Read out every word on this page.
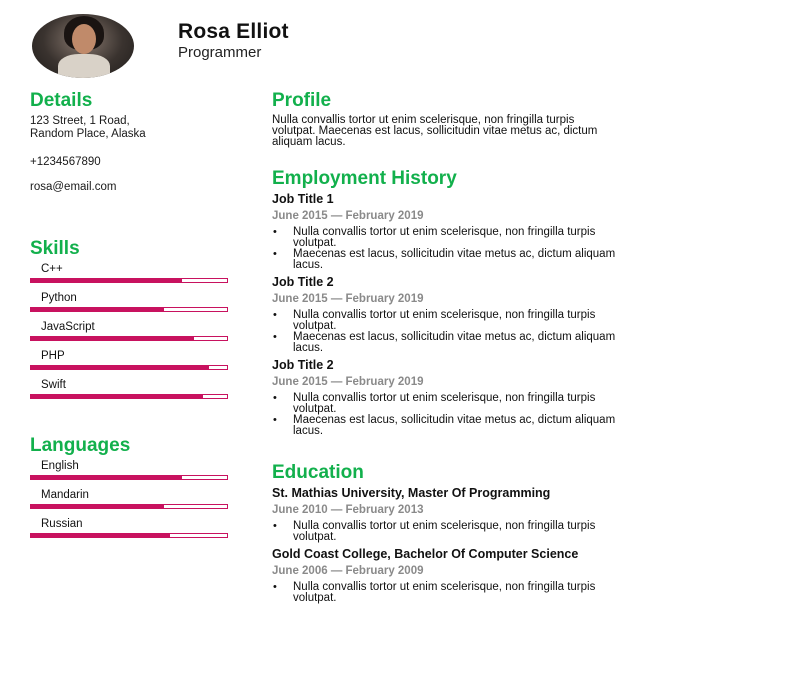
Rosa Elliot
Programmer
Details
123 Street, 1 Road,
Random Place, Alaska
+1234567890
rosa@email.com
Skills
C++
Python
JavaScript
PHP
Swift
Languages
English
Mandarin
Russian
Profile
Nulla convallis tortor ut enim scelerisque, non fringilla turpis
volutpat. Maecenas est lacus, sollicitudin vitae metus ac, dictum
aliquam lacus.
Employment History
Job Title 1
June 2015 — February 2019
• Nulla convallis tortor ut enim scelerisque, non fringilla turpis
volutpat.
• Maecenas est lacus, sollicitudin vitae metus ac, dictum aliquam
lacus.
Job Title 2
June 2015 — February 2019
• Nulla convallis tortor ut enim scelerisque, non fringilla turpis
volutpat.
• Maecenas est lacus, sollicitudin vitae metus ac, dictum aliquam
lacus.
Job Title 2
June 2015 — February 2019
• Nulla convallis tortor ut enim scelerisque, non fringilla turpis
volutpat.
• Maecenas est lacus, sollicitudin vitae metus ac, dictum aliquam
lacus.
Education
St. Mathias University, Master Of Programming
June 2010 — February 2013
• Nulla convallis tortor ut enim scelerisque, non fringilla turpis
volutpat.
Gold Coast College, Bachelor Of Computer Science
June 2006 — February 2009
• Nulla convallis tortor ut enim scelerisque, non fringilla turpis
volutpat.
